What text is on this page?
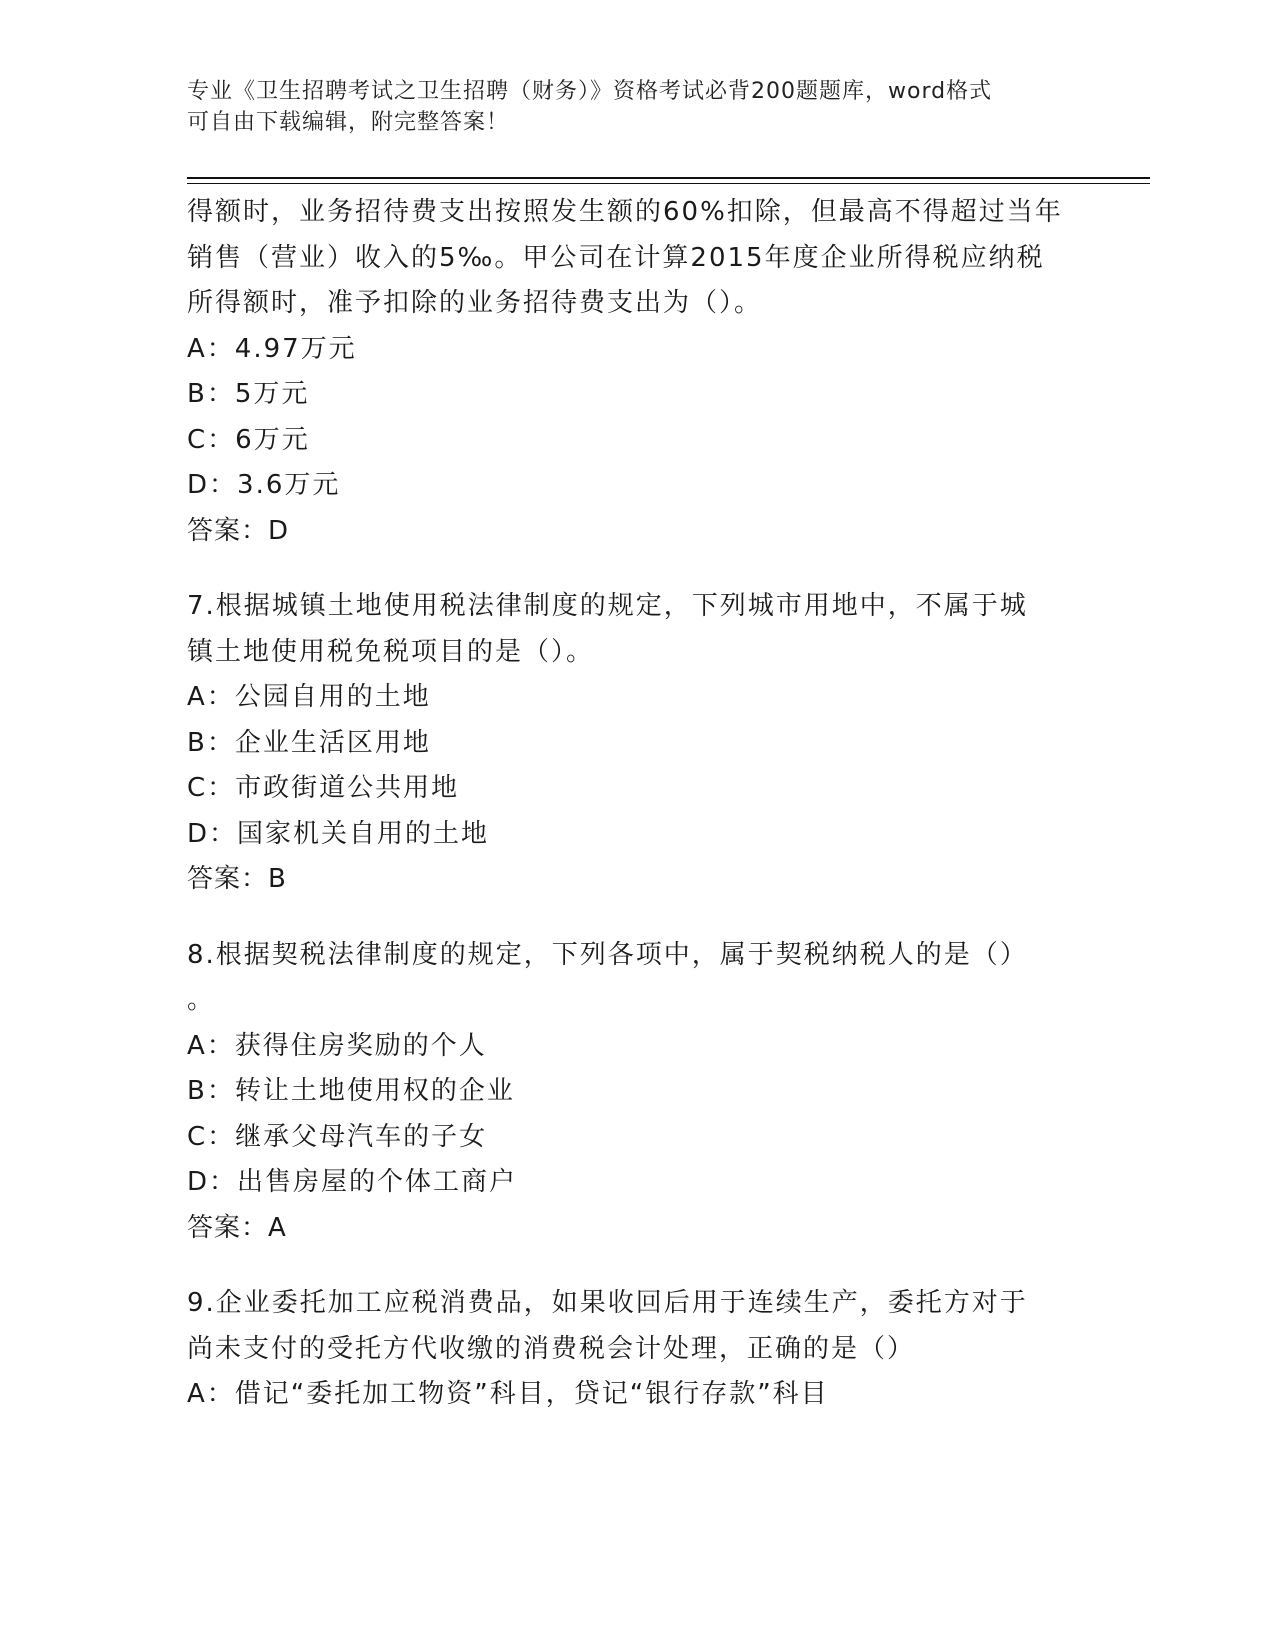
专业《卫生招聘考试之卫生招聘（财务）》资格考试必背200题题库，word格式
可自由下载编辑，附完整答案！
得额时，业务招待费支出按照发生额的60%扣除，但最高不得超过当年
销售（营业）收入的5‰。甲公司在计算2015年度企业所得税应纳税
所得额时，准予扣除的业务招待费支出为（）。
A：4.97万元
B：5万元
C：6万元
D：3.6万元
答案：D
7.根据城镇土地使用税法律制度的规定，下列城市用地中，不属于城
镇土地使用税免税项目的是（）。
A：公园自用的土地
B：企业生活区用地
C：市政街道公共用地
D：国家机关自用的土地
答案：B
8.根据契税法律制度的规定，下列各项中，属于契税纳税人的是（）
。
A：获得住房奖励的个人
B：转让土地使用权的企业
C：继承父母汽车的子女
D：出售房屋的个体工商户
答案：A
9.企业委托加工应税消费品，如果收回后用于连续生产，委托方对于
尚未支付的受托方代收缴的消费税会计处理，正确的是（）
A：借记“委托加工物资”科目，贷记“银行存款”科目
